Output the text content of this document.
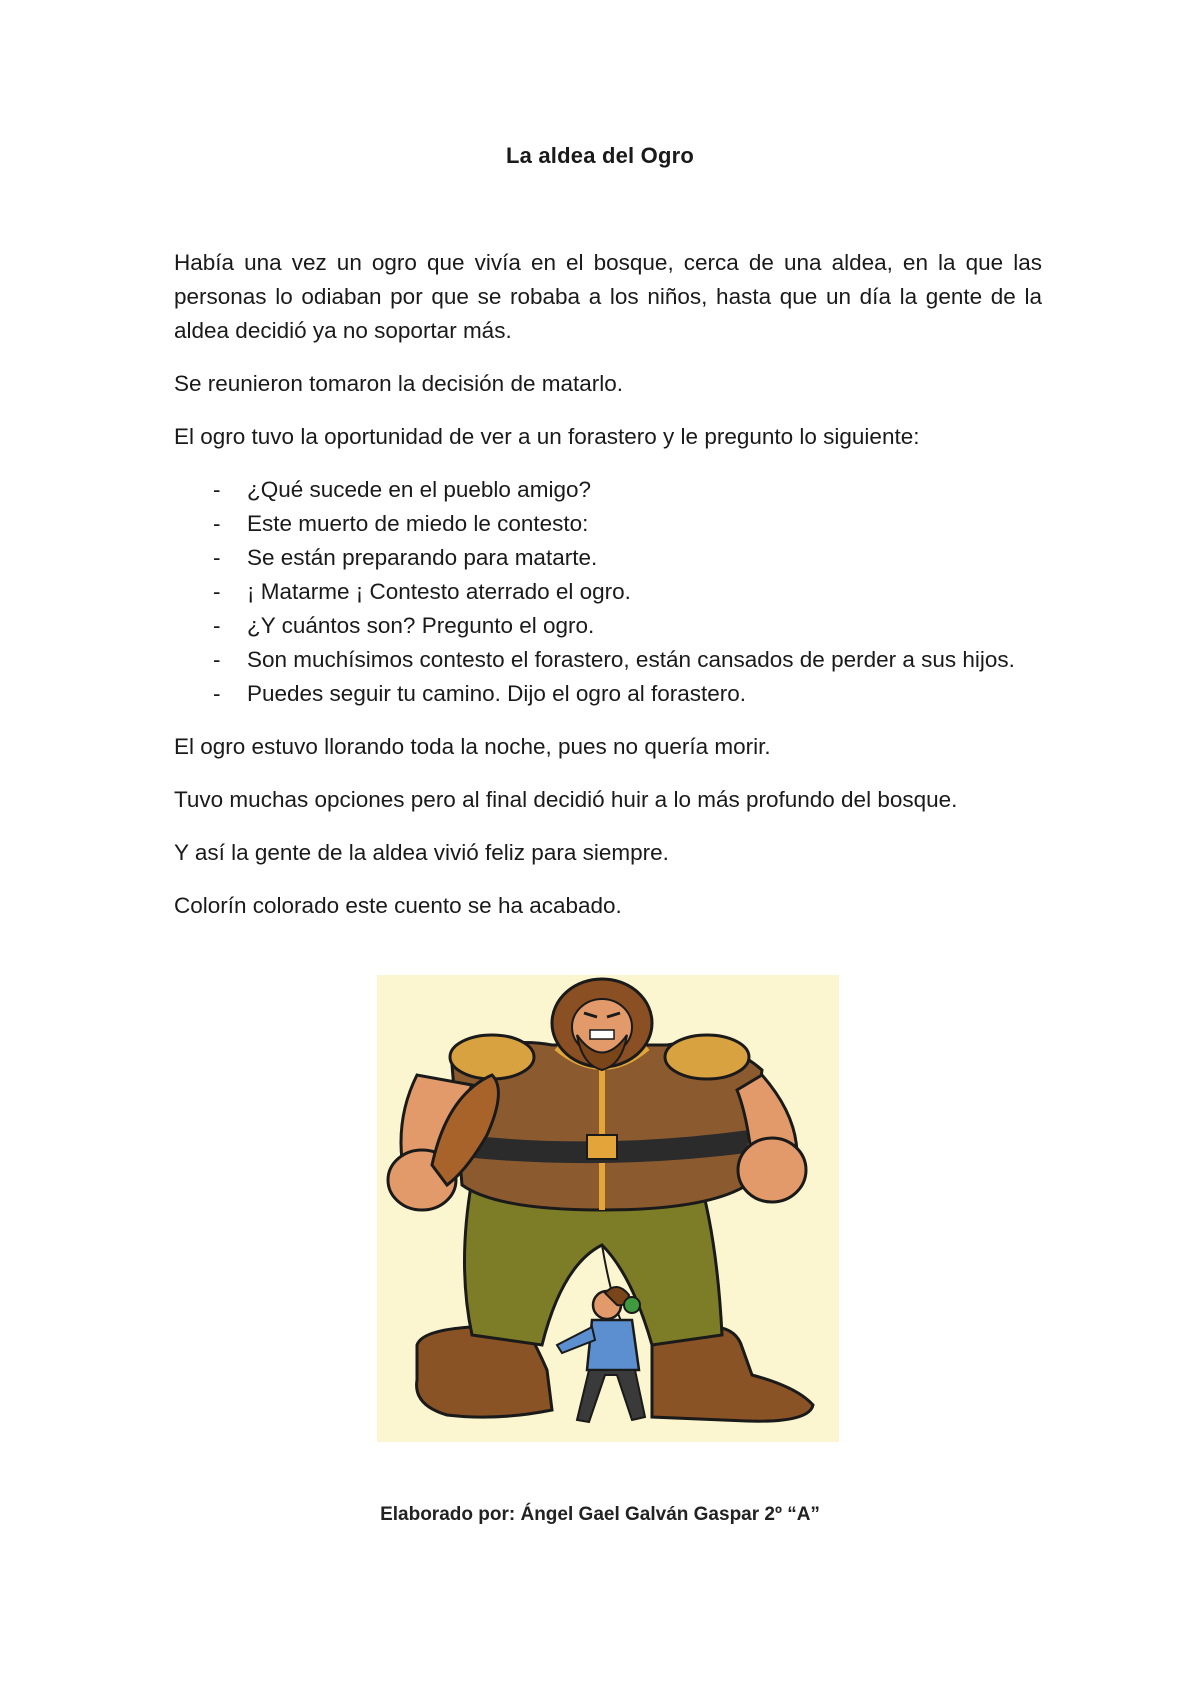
La aldea del Ogro

Había una vez un ogro que vivía en el bosque, cerca de una aldea, en la que las personas lo odiaban por que se robaba a los niños, hasta que un día la gente de la aldea decidió ya no soportar más.

Se reunieron tomaron la decisión de matarlo.

El ogro tuvo la oportunidad de ver a un forastero y le pregunto lo siguiente:

- ¿Qué sucede en el pueblo amigo?
- Este muerto de miedo le contesto:
- Se están preparando para matarte.
- ¡ Matarme ¡ Contesto aterrado el ogro.
- ¿Y cuántos son? Pregunto el ogro.
- Son muchísimos contesto el forastero, están cansados de perder a sus hijos.
- Puedes seguir tu camino. Dijo el ogro al forastero.

El ogro estuvo llorando toda la noche, pues no quería morir.

Tuvo muchas opciones pero al final decidió huir a lo más profundo del bosque.

Y así la gente de la aldea vivió feliz para siempre.

Colorín colorado este cuento se ha acabado.

Elaborado por: Ángel Gael Galván Gaspar 2º “A”
